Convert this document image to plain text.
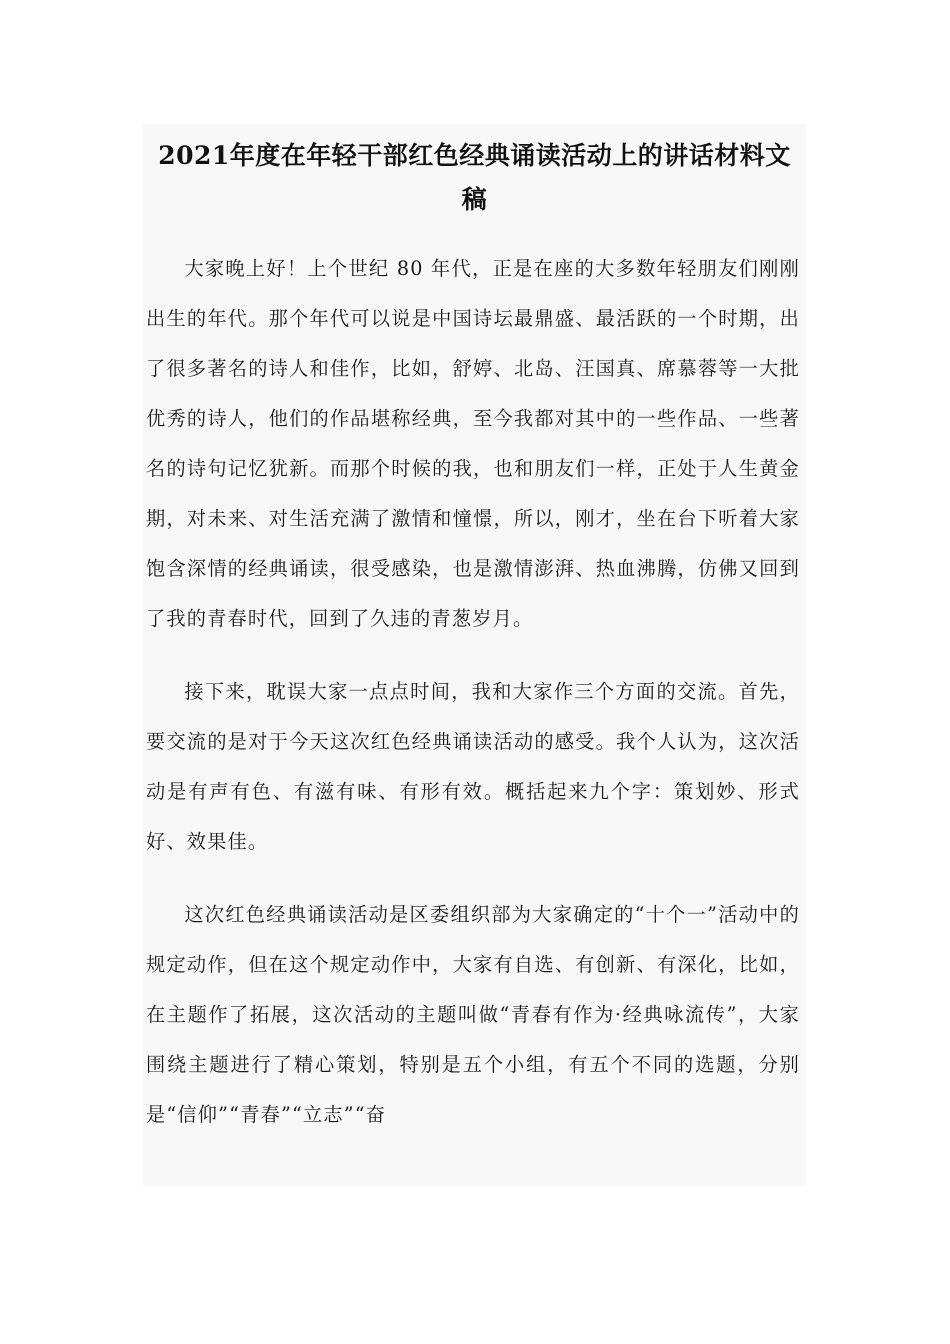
2021年度在年轻干部红色经典诵读活动上的讲话材料文稿

大家晚上好！上个世纪 80 年代，正是在座的大多数年轻朋友们刚刚出生的年代。那个年代可以说是中国诗坛最鼎盛、最活跃的一个时期，出了很多著名的诗人和佳作，比如，舒婷、北岛、汪国真、席慕蓉等一大批优秀的诗人，他们的作品堪称经典，至今我都对其中的一些作品、一些著名的诗句记忆犹新。而那个时候的我，也和朋友们一样，正处于人生黄金期，对未来、对生活充满了激情和憧憬，所以，刚才，坐在台下听着大家饱含深情的经典诵读，很受感染，也是激情澎湃、热血沸腾，仿佛又回到了我的青春时代，回到了久违的青葱岁月。

接下来，耽误大家一点点时间，我和大家作三个方面的交流。首先，要交流的是对于今天这次红色经典诵读活动的感受。我个人认为，这次活动是有声有色、有滋有味、有形有效。概括起来九个字：策划妙、形式好、效果佳。

这次红色经典诵读活动是区委组织部为大家确定的“十个一”活动中的规定动作，但在这个规定动作中，大家有自选、有创新、有深化，比如，在主题作了拓展，这次活动的主题叫做“青春有作为·经典咏流传”，大家围绕主题进行了精心策划，特别是五个小组，有五个不同的选题，分别是“信仰”“青春”“立志”“奋
